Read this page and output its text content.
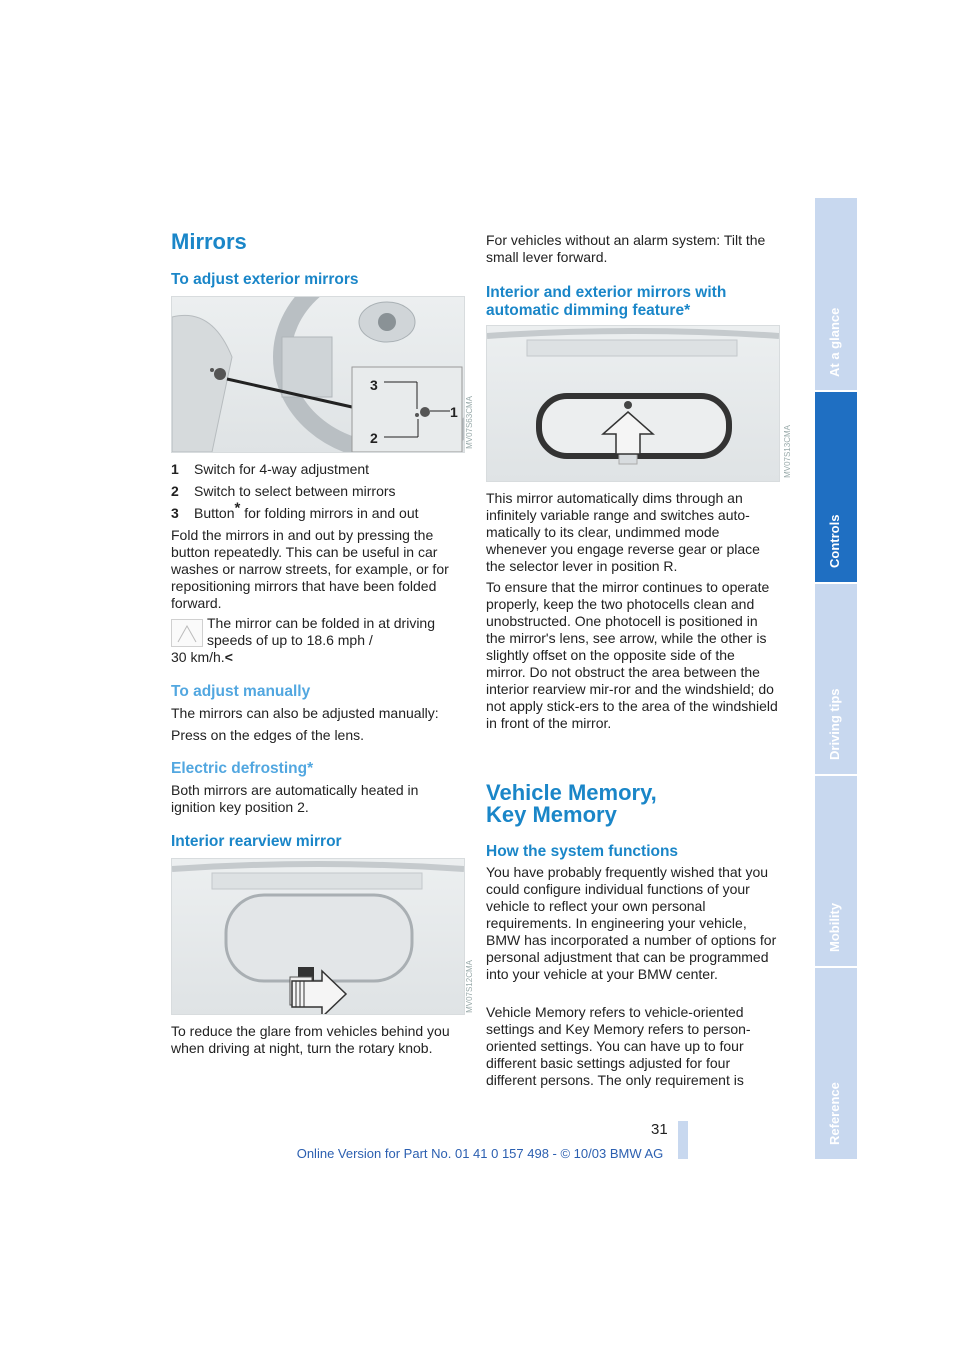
At a glance
Controls
Driving tips
Mobility
Reference
Mirrors
To adjust exterior mirrors
3
1
2	MV07S63CMA

1 Switch for 4-way adjustment

2 Switch to select between mirrors

3 Button* for folding mirrors in and out

Fold the mirrors in and out by pressing the button repeatedly. This can be useful in car washes or narrow streets, for example, or for repositioning mirrors that have been folded forward.

The mirror can be folded in at driving

speeds of up to 18.6 mph /

30 km/h.<

To adjust manually

The mirrors can also be adjusted manually:

Press on the edges of the lens.

Electric defrosting*

Both mirrors are automatically heated in ignition key position 2.

Interior rearview mirror
MV07S12CMA

To reduce the glare from vehicles behind you when driving at night, turn the rotary knob.

For vehicles without an alarm system: Tilt the small lever forward.

Interior and exterior mirrors with
automatic dimming feature*
MV07S13CMA

This mirror automatically dims through an infinitely variable range and switches auto-matically to its clear, undimmed mode whenever you engage reverse gear or place the selector lever in position R.

To ensure that the mirror continues to operate properly, keep the two photocells clean and unobstructed. One photocell is positioned in the mirror's lens, see arrow, while the other is slightly offset on the opposite side of the mirror. Do not obstruct the area between the interior rearview mir-ror and the windshield; do not apply stick-ers to the area of the windshield in front of the mirror.

Vehicle Memory,
Key Memory
How the system functions

You have probably frequently wished that you could configure individual functions of your vehicle to reflect your own personal requirements. In engineering your vehicle, BMW has incorporated a number of options for personal adjustment that can be programmed into your vehicle at your BMW center.

Vehicle Memory refers to vehicle-oriented settings and Key Memory refers to person-oriented settings. You can have up to four different basic settings adjusted for four different persons. The only requirement is

31
Online Version for Part No. 01 41 0 157 498 - © 10/03 BMW AG
